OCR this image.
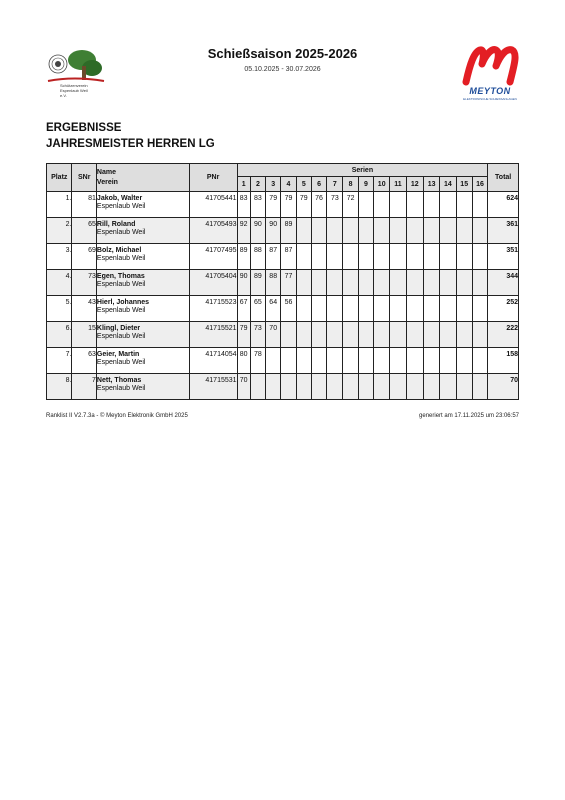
Schützenverein
Espenlaub Weil
e.V.
Schießsaison 2025-2026
05.10.2025 - 30.07.2026
MEYTON
ELEKTRONISCHE SCHIESSANLAGEN
ERGEBNISSE
JAHRESMEISTER HERREN LG
Platz	SNr	Name
Verein	PNr	Serien																Total
				1	2	3	4	5	6	7	8	9	10	11	12	13	14	15	16	
1.	81	Jakob, Walter
Espenlaub Weil	41705441	83	83	79	79	79	76	73	72									624
2.	65	Rill, Roland
Espenlaub Weil	41705493	92	90	90	89													361
3.	69	Bolz, Michael
Espenlaub Weil	41707495	89	88	87	87													351
4.	73	Egen, Thomas
Espenlaub Weil	41705404	90	89	88	77													344
5.	43	Hierl, Johannes
Espenlaub Weil	41715523	67	65	64	56													252
6.	15	Klingl, Dieter
Espenlaub Weil	41715521	79	73	70														222
7.	63	Geier, Martin
Espenlaub Weil	41714054	80	78															158
8.	7	Nett, Thomas
Espenlaub Weil	41715531	70																70
Ranklist II V2.7.3a - © Meyton Elektronik GmbH 2025	generiert am 17.11.2025 um 23:06:57
